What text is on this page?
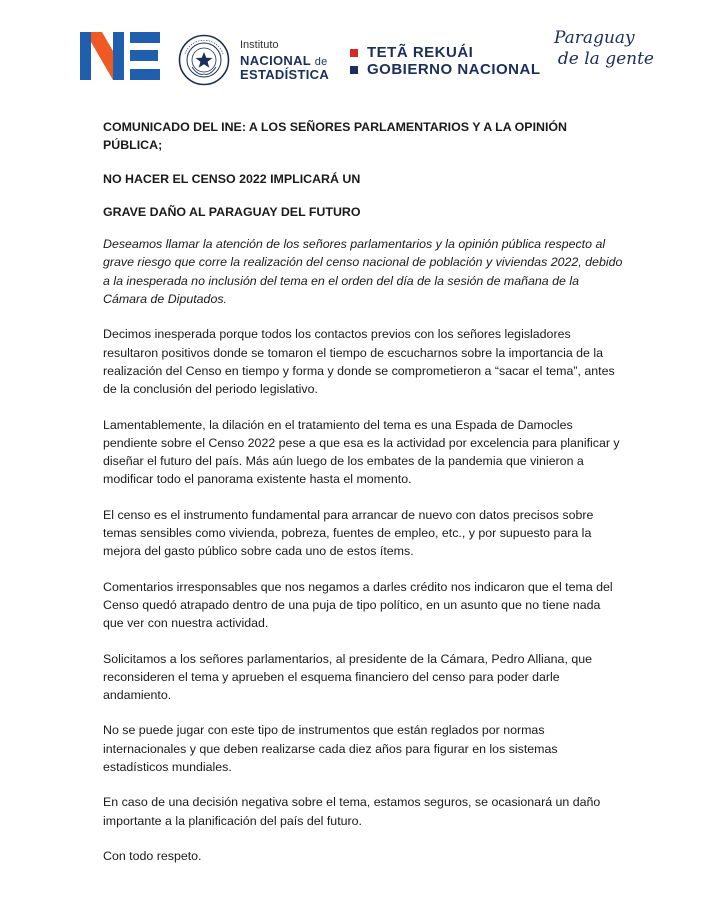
Instituto
NACIONAL de
ESTADÍSTICA
TETÃ REKUÁI
GOBIERNO NACIONAL
Paraguay
de la gente

COMUNICADO DEL INE: A LOS SEÑORES PARLAMENTARIOS Y A LA OPINIÓN PÚBLICA;

NO HACER EL CENSO 2022 IMPLICARÁ UN

GRAVE DAÑO AL PARAGUAY DEL FUTURO

Deseamos llamar la atención de los señores parlamentarios y la opinión pública respecto al grave riesgo que corre la realización del censo nacional de población y viviendas 2022, debido a la inesperada no inclusión del tema en el orden del día de la sesión de mañana de la Cámara de Diputados.

Decimos inesperada porque todos los contactos previos con los señores legisladores resultaron positivos donde se tomaron el tiempo de escucharnos sobre la importancia de la realización del Censo en tiempo y forma y donde se comprometieron a “sacar el tema”, antes de la conclusión del periodo legislativo.

Lamentablemente, la dilación en el tratamiento del tema es una Espada de Damocles pendiente sobre el Censo 2022 pese a que esa es la actividad por excelencia para planificar y diseñar el futuro del país. Más aún luego de los embates de la pandemia que vinieron a modificar todo el panorama existente hasta el momento.

El censo es el instrumento fundamental para arrancar de nuevo con datos precisos sobre temas sensibles como vivienda, pobreza, fuentes de empleo, etc., y por supuesto para la mejora del gasto público sobre cada uno de estos ítems.

Comentarios irresponsables que nos negamos a darles crédito nos indicaron que el tema del Censo quedó atrapado dentro de una puja de tipo político, en un asunto que no tiene nada que ver con nuestra actividad.

Solicitamos a los señores parlamentarios, al presidente de la Cámara, Pedro Alliana, que reconsideren el tema y aprueben el esquema financiero del censo para poder darle andamiento.

No se puede jugar con este tipo de instrumentos que están reglados por normas internacionales y que deben realizarse cada diez años para figurar en los sistemas estadísticos mundiales.

En caso de una decisión negativa sobre el tema, estamos seguros, se ocasionará un daño importante a la planificación del país del futuro.

Con todo respeto.
